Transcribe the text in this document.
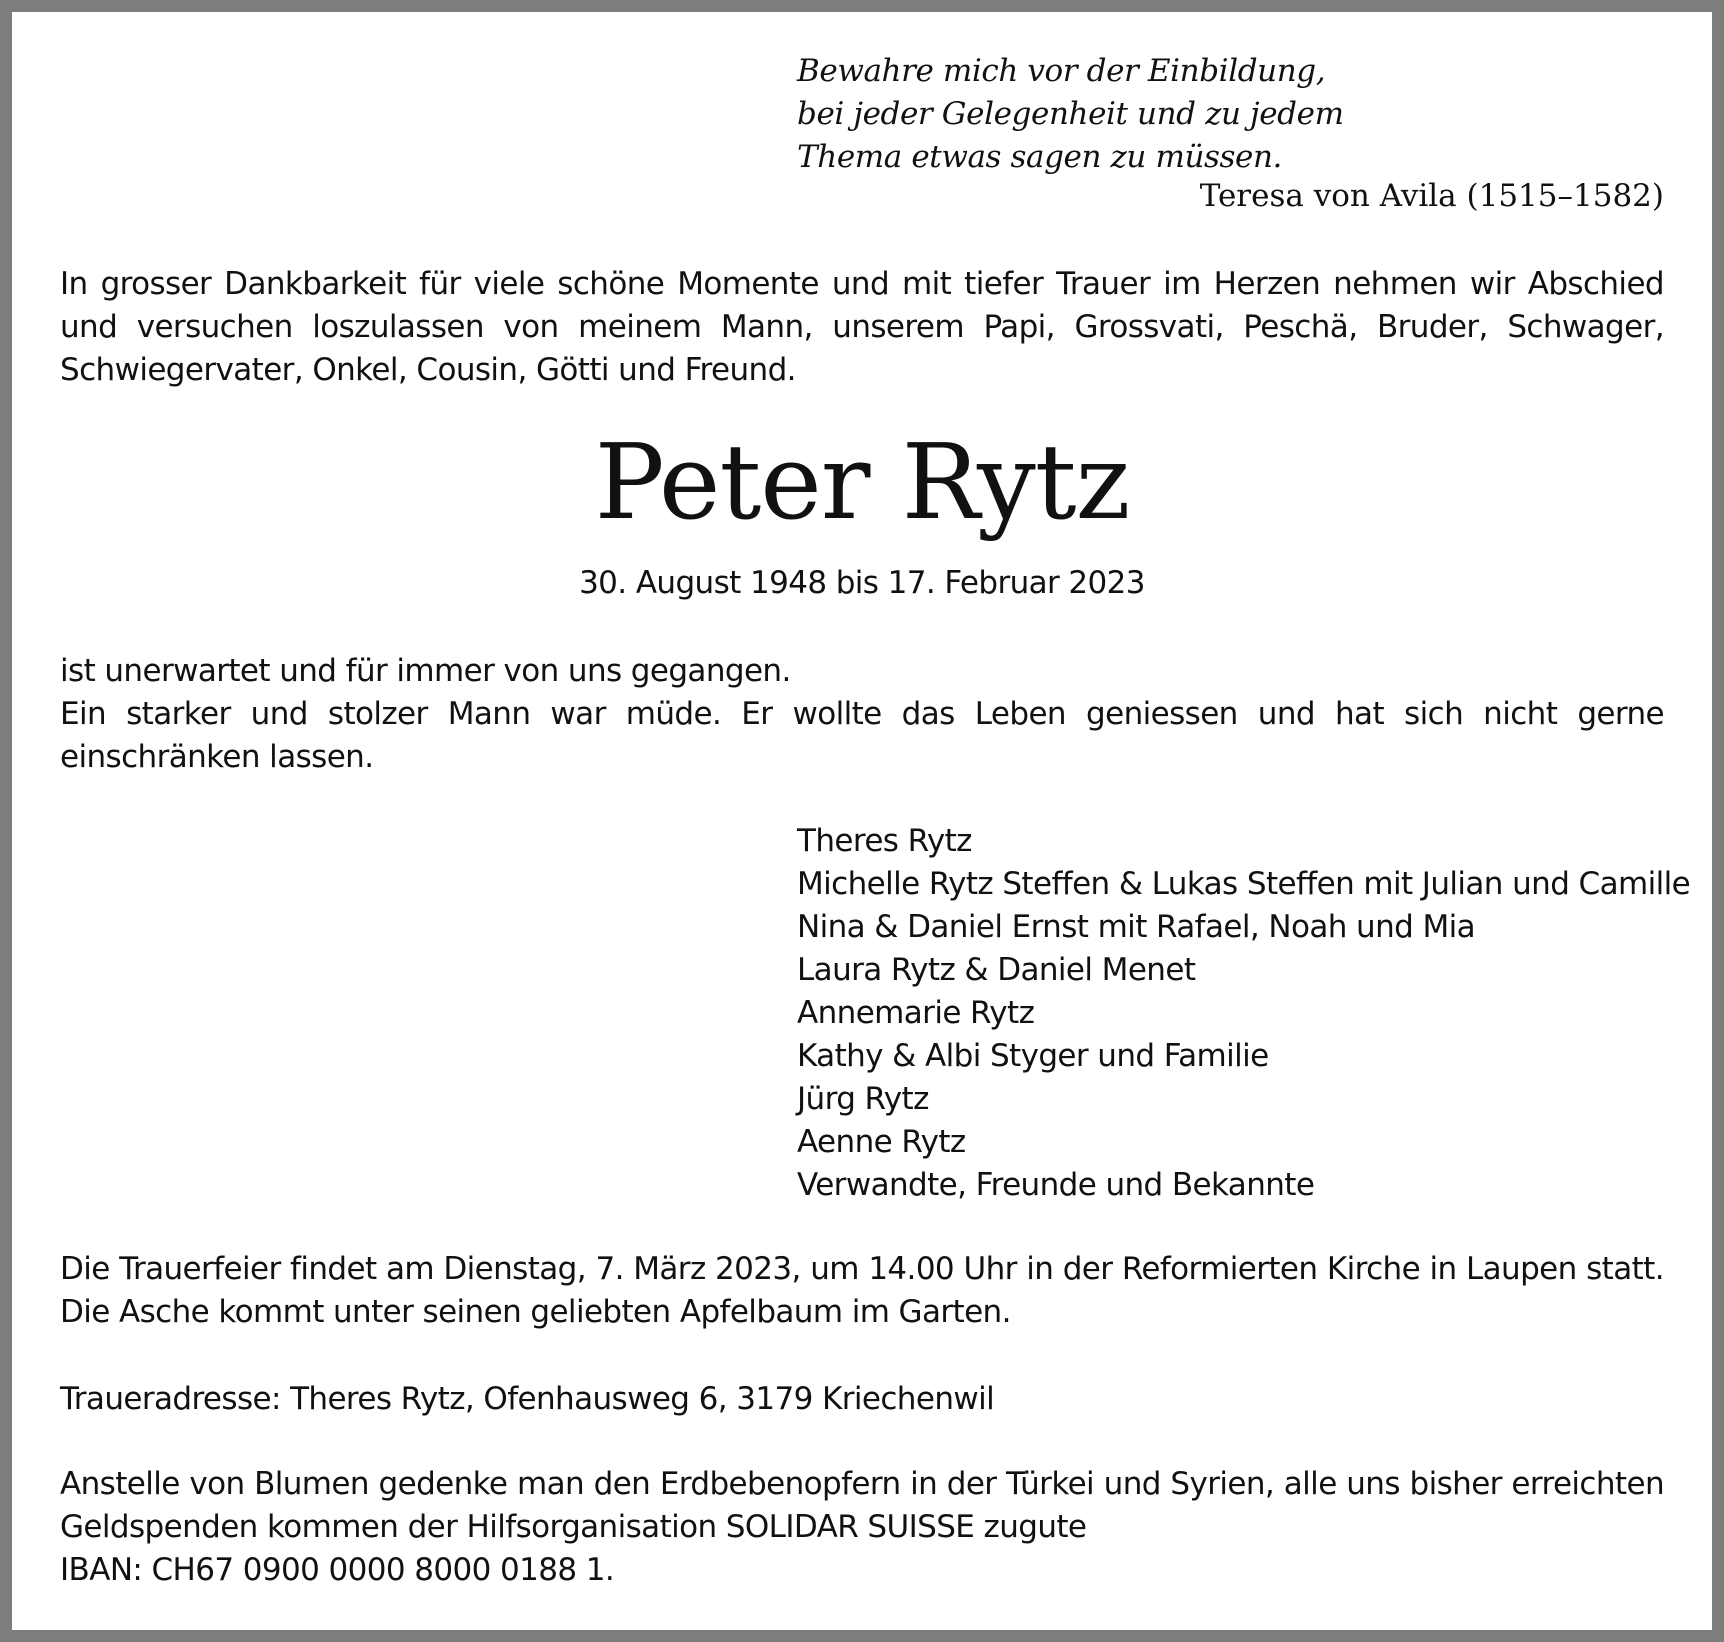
Bewahre mich vor der Einbildung,
bei jeder Gelegenheit und zu jedem
Thema etwas sagen zu müssen.
Teresa von Avila (1515–1582)
In grosser Dankbarkeit für viele schöne Momente und mit tiefer Trauer im Herzen nehmen wir Abschied und versuchen loszulassen von meinem Mann, unserem Papi, Grossvati, Peschä, Bruder, Schwager, Schwiegervater, Onkel, Cousin, Götti und Freund.
Peter Rytz
30. August 1948 bis 17. Februar 2023
ist unerwartet und für immer von uns gegangen.
Ein starker und stolzer Mann war müde. Er wollte das Leben geniessen und hat sich nicht gerne einschränken lassen.
Theres Rytz
Michelle Rytz Steffen & Lukas Steffen mit Julian und Camille
Nina & Daniel Ernst mit Rafael, Noah und Mia
Laura Rytz & Daniel Menet
Annemarie Rytz
Kathy & Albi Styger und Familie
Jürg Rytz
Aenne Rytz
Verwandte, Freunde und Bekannte
Die Trauerfeier findet am Dienstag, 7. März 2023, um 14.00 Uhr in der Reformierten Kirche in Laupen statt. Die Asche kommt unter seinen geliebten Apfelbaum im Garten.
Traueradresse: Theres Rytz, Ofenhausweg 6, 3179 Kriechenwil
Anstelle von Blumen gedenke man den Erdbebenopfern in der Türkei und Syrien, alle uns bisher erreichten Geldspenden kommen der Hilfsorganisation SOLIDAR SUISSE zugute
IBAN: CH67 0900 0000 8000 0188 1.
